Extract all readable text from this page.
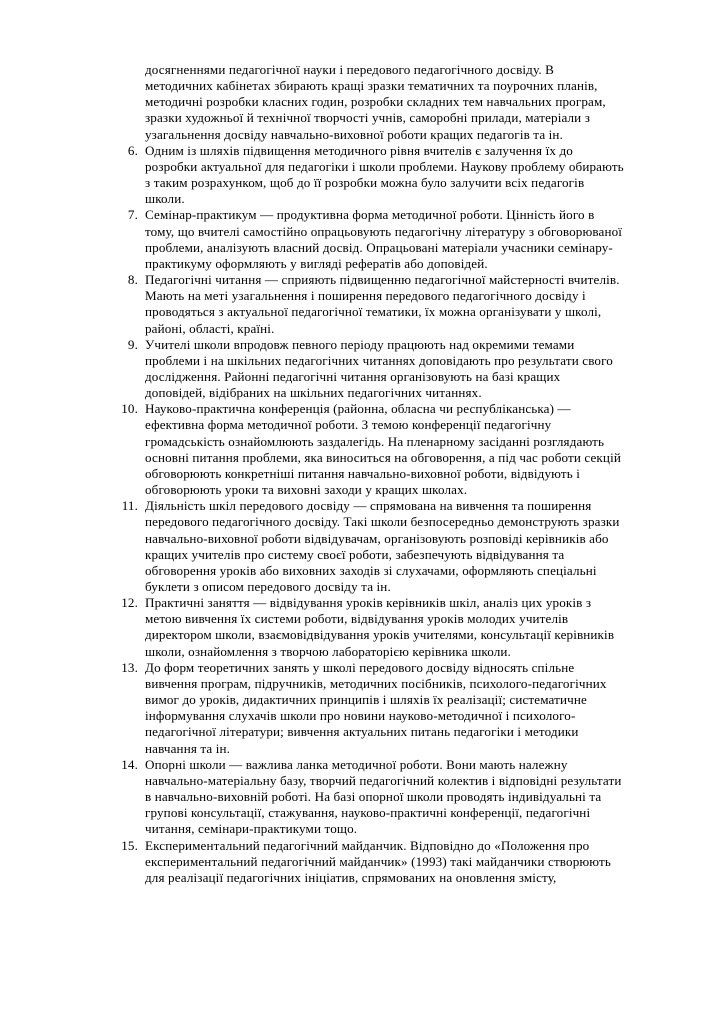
досягненнями педагогічної науки і передового педагогічного досвіду. В методичних кабінетах збирають кращі зразки тематичних та поурочних планів, методичні розробки класних годин, розробки складних тем навчальних програм, зразки художньої й технічної творчості учнів, саморобні прилади, матеріали з узагальнення досвіду навчально-виховної роботи кращих педагогів та ін.

6. Одним із шляхів підвищення методичного рівня вчителів є залучення їх до розробки актуальної для педагогіки і школи проблеми. Наукову проблему обирають з таким розрахунком, щоб до її розробки можна було залучити всіх педагогів школи.
7. Семінар-практикум — продуктивна форма методичної роботи. Цінність його в тому, що вчителі самостійно опрацьовують педагогічну літературу з обговорюваної проблеми, аналізують власний досвід. Опрацьовані матеріали учасники семінару-практикуму оформляють у вигляді рефератів або доповідей.
8. Педагогічні читання — сприяють підвищенню педагогічної майстерності вчителів. Мають на меті узагальнення і поширення передового педагогічного досвіду і проводяться з актуальної педагогічної тематики, їх можна організувати у школі, районі, області, країні.
9. Учителі школи впродовж певного періоду працюють над окремими темами проблеми і на шкільних педагогічних читаннях доповідають про результати свого дослідження. Районні педагогічні читання організовують на базі кращих доповідей, відібраних на шкільних педагогічних читаннях.
10. Науково-практична конференція (районна, обласна чи республіканська) — ефективна форма методичної роботи. З темою конференції педагогічну громадськість ознайомлюють заздалегідь. На пленарному засіданні розглядають основні питання проблеми, яка виноситься на обговорення, а під час роботи секцій обговорюють конкретніші питання навчально-виховної роботи, відвідують і обговорюють уроки та виховні заходи у кращих школах.
11. Діяльність шкіл передового досвіду — спрямована на вивчення та поширення передового педагогічного досвіду. Такі школи безпосередньо демонструють зразки навчально-виховної роботи відвідувачам, організовують розповіді керівників або кращих учителів про систему своєї роботи, забезпечують відвідування та обговорення уроків або виховних заходів зі слухачами, оформляють спеціальні буклети з описом передового досвіду та ін.
12. Практичні заняття — відвідування уроків керівників шкіл, аналіз цих уроків з метою вивчення їх системи роботи, відвідування уроків молодих учителів директором школи, взаємовідвідування уроків учителями, консультації керівників школи, ознайомлення з творчою лабораторією керівника школи.
13. До форм теоретичних занять у школі передового досвіду відносять спільне вивчення програм, підручників, методичних посібників, психолого-педагогічних вимог до уроків, дидактичних принципів і шляхів їх реалізації; систематичне інформування слухачів школи про новини науково-методичної і психолого-педагогічної літератури; вивчення актуальних питань педагогіки і методики навчання та ін.
14. Опорні школи — важлива ланка методичної роботи. Вони мають належну навчально-матеріальну базу, творчий педагогічний колектив і відповідні результати в навчально-виховній роботі. На базі опорної школи проводять індивідуальні та групові консультації, стажування, науково-практичні конференції, педагогічні читання, семінари-практикуми тощо.
15. Експериментальний педагогічний майданчик. Відповідно до «Положення про експериментальний педагогічний майданчик» (1993) такі майданчики створюють для реалізації педагогічних ініціатив, спрямованих на оновлення змісту,
